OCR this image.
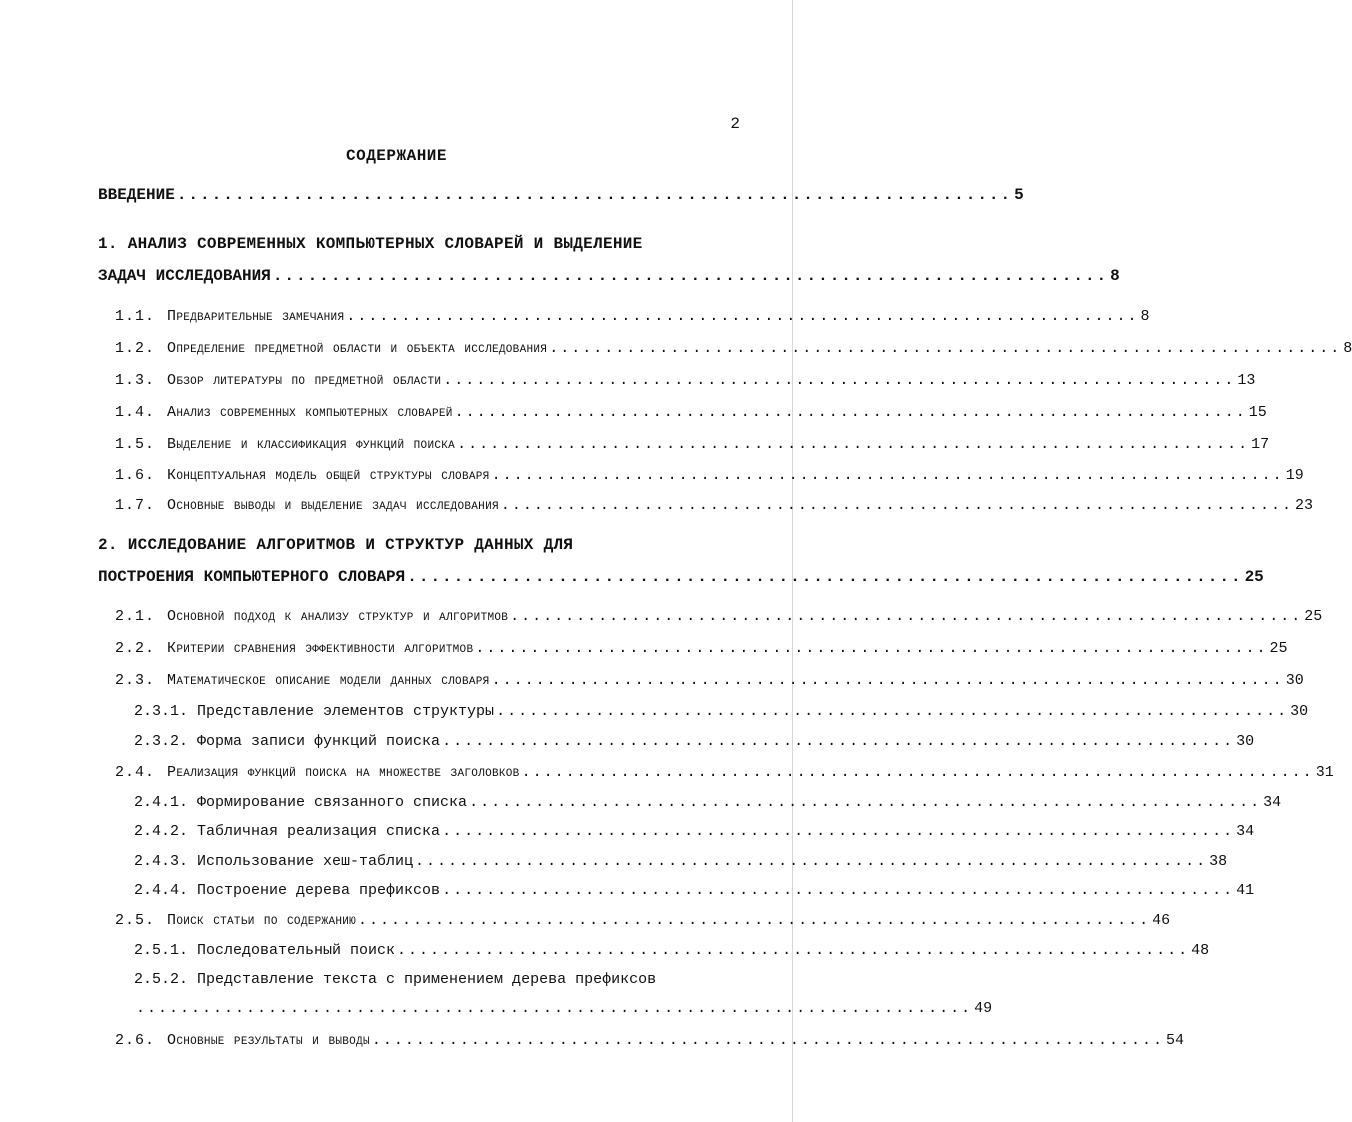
2
СОДЕРЖАНИЕ
ВВЕДЕНИЕ ........................................................................ 5
1. АНАЛИЗ СОВРЕМЕННЫХ КОМПЬЮТЕРНЫХ СЛОВАРЕЙ И ВЫДЕЛЕНИЕ
ЗАДАЧ ИССЛЕДОВАНИЯ ........................................................................ 8
1.1. Предварительные замечания ........................................................................ 8
1.2. Определение предметной области и объекта исследования ........................................................................ 8
1.3. Обзор литературы по предметной области ........................................................................ 13
1.4. Анализ современных компьютерных словарей ........................................................................ 15
1.5. Выделение и классификация функций поиска ........................................................................ 17
1.6. Концептуальная модель общей структуры словаря ........................................................................ 19
1.7. Основные выводы и выделение задач исследования ........................................................................ 23
2. ИССЛЕДОВАНИЕ АЛГОРИТМОВ И СТРУКТУР ДАННЫХ ДЛЯ
ПОСТРОЕНИЯ КОМПЬЮТЕРНОГО СЛОВАРЯ ........................................................................ 25
2.1. Основной подход к анализу структур и алгоритмов ........................................................................ 25
2.2. Критерии сравнения эффективности алгоритмов ........................................................................ 25
2.3. Математическое описание модели данных словаря ........................................................................ 30
2.3.1. Представление элементов структуры ........................................................................ 30
2.3.2. Форма записи функций поиска ........................................................................ 30
2.4. Реализация функций поиска на множестве заголовков ........................................................................ 31
2.4.1. Формирование связанного списка ........................................................................ 34
2.4.2. Табличная реализация списка ........................................................................ 34
2.4.3. Использование хеш-таблиц ........................................................................ 38
2.4.4. Построение дерева префиксов ........................................................................ 41
2.5. Поиск статьи по содержанию ........................................................................ 46
2.5.1. Последовательный поиск ........................................................................ 48
2.5.2. Представление текста с применением дерева префиксов
............................................................................ 49
2.6. Основные результаты и выводы ........................................................................ 54
